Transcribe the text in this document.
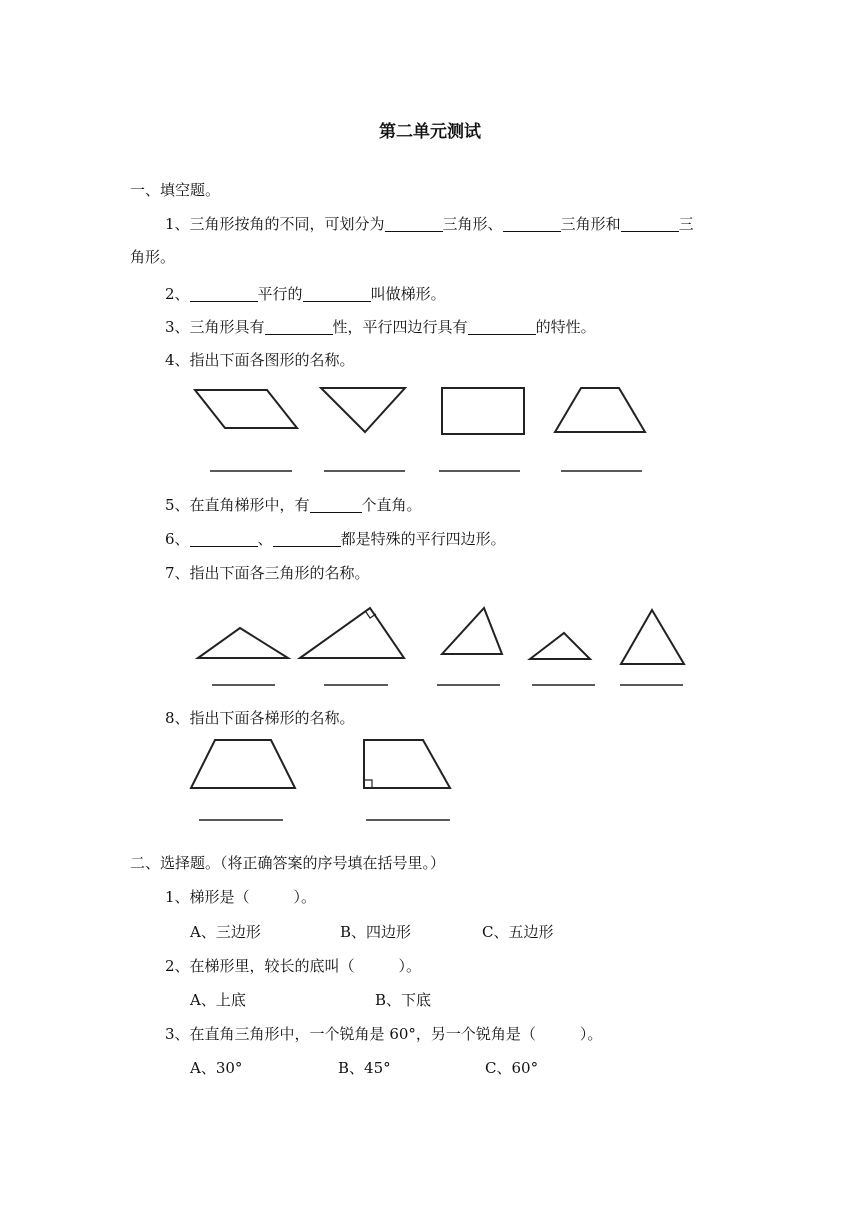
第二单元测试
一、填空题。
1、三角形按角的不同，可划分为	三角形、	三角形和	三
角形。
2、	平行的	叫做梯形。
3、三角形具有	性，平行四边行具有	的特性。
4、指出下面各图形的名称。
5、在直角梯形中，有	个直角。
6、	、	都是特殊的平行四边形。
7、指出下面各三角形的名称。
8、指出下面各梯形的名称。
二、选择题。（将正确答案的序号填在括号里。）
1、梯形是（	）。
A、三边形	B、四边形	C、五边形
2、在梯形里，较长的底叫（	）。
A、上底	B、下底
3、在直角三角形中，一个锐角是 60°，另一个锐角是（	）。
A、30°	B、45°	C、60°
